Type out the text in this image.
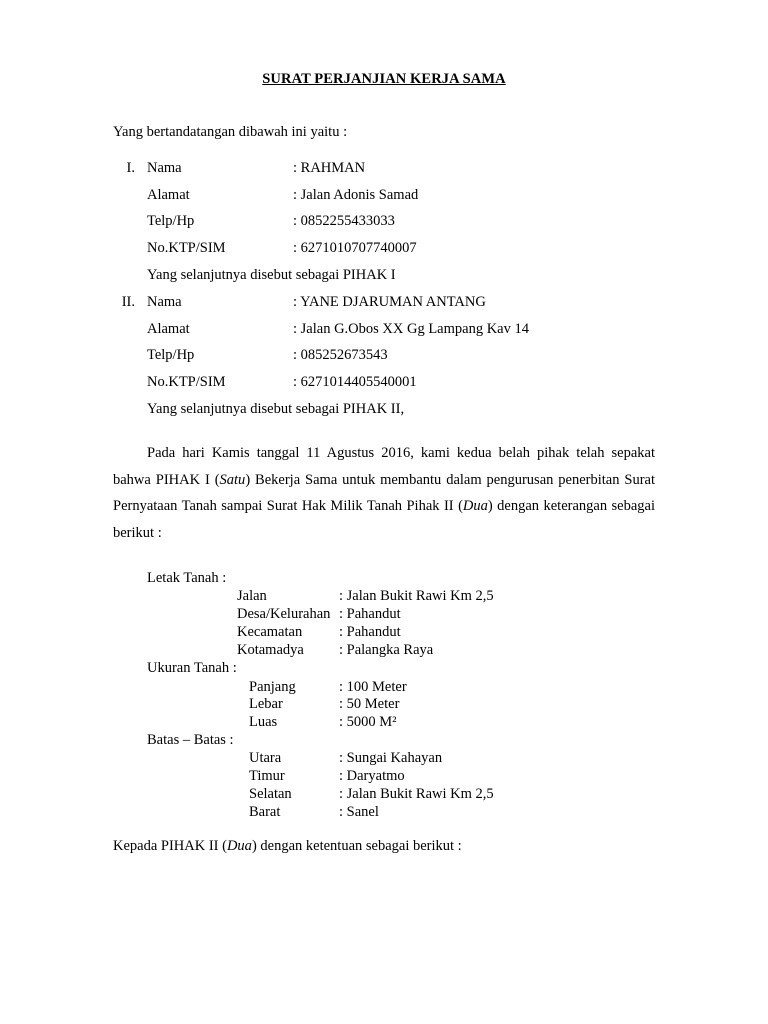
SURAT PERJANJIAN KERJA SAMA
Yang bertandatangan dibawah ini yaitu :
I. Nama	: RAHMAN
Alamat	: Jalan Adonis Samad
Telp/Hp	: 0852255433033
No.KTP/SIM	: 6271010707740007
Yang selanjutnya disebut sebagai PIHAK I
II. Nama	: YANE DJARUMAN ANTANG
Alamat	: Jalan G.Obos XX Gg Lampang Kav 14
Telp/Hp	: 085252673543
No.KTP/SIM	: 6271014405540001
Yang selanjutnya disebut sebagai PIHAK II,
Pada hari Kamis tanggal 11 Agustus 2016, kami kedua belah pihak telah sepakat bahwa PIHAK I (Satu) Bekerja Sama untuk membantu dalam pengurusan penerbitan Surat Pernyataan Tanah sampai Surat Hak Milik Tanah Pihak II (Dua) dengan keterangan sebagai berikut :
Letak Tanah :
Jalan	: Jalan Bukit Rawi Km 2,5
Desa/Kelurahan : Pahandut
Kecamatan	: Pahandut
Kotamadya : Palangka Raya
Ukuran Tanah :
Panjang	: 100 Meter
Lebar	: 50 Meter
Luas	: 5000 M²
Batas – Batas :
Utara	: Sungai Kahayan
Timur	: Daryatmo
Selatan	: Jalan Bukit Rawi Km 2,5
Barat	: Sanel
Kepada PIHAK II (Dua) dengan ketentuan sebagai berikut :
